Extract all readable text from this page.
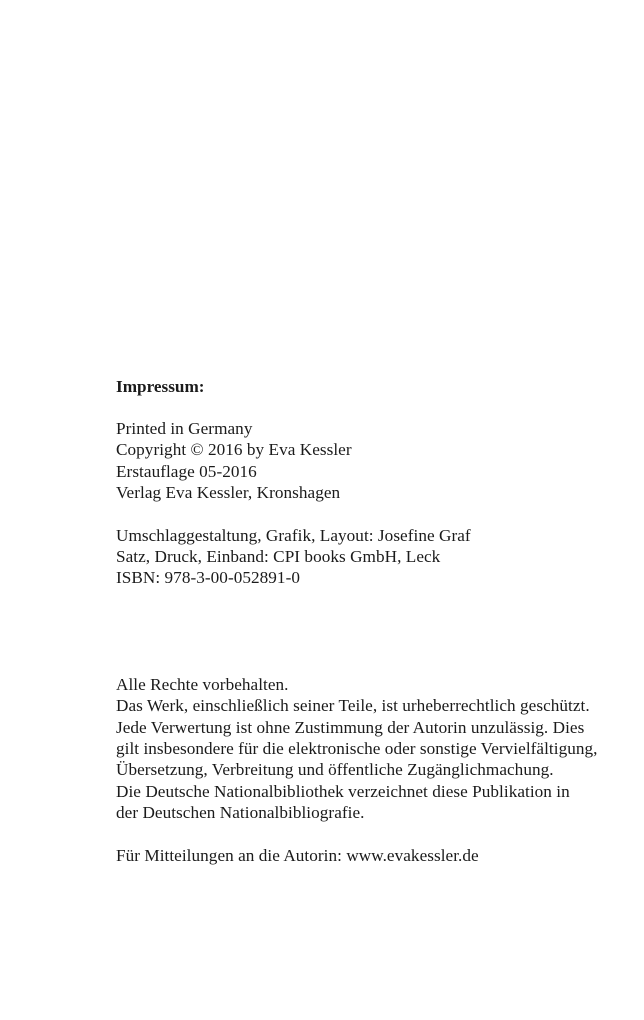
Impressum:
Printed in Germany
Copyright © 2016 by Eva Kessler
Erstauflage 05-2016
Verlag Eva Kessler, Kronshagen
Umschlaggestaltung, Grafik, Layout: Josefine Graf
Satz, Druck, Einband: CPI books GmbH, Leck
ISBN: 978-3-00-052891-0
Alle Rechte vorbehalten.
Das Werk, einschließlich seiner Teile, ist urheberrechtlich geschützt.
Jede Verwertung ist ohne Zustimmung der Autorin unzulässig. Dies
gilt insbesondere für die elektronische oder sonstige Vervielfältigung,
Übersetzung, Verbreitung und öffentliche Zugänglichmachung.
Die Deutsche Nationalbibliothek verzeichnet diese Publikation in
der Deutschen Nationalbibliografie.
Für Mitteilungen an die Autorin: www.evakessler.de
